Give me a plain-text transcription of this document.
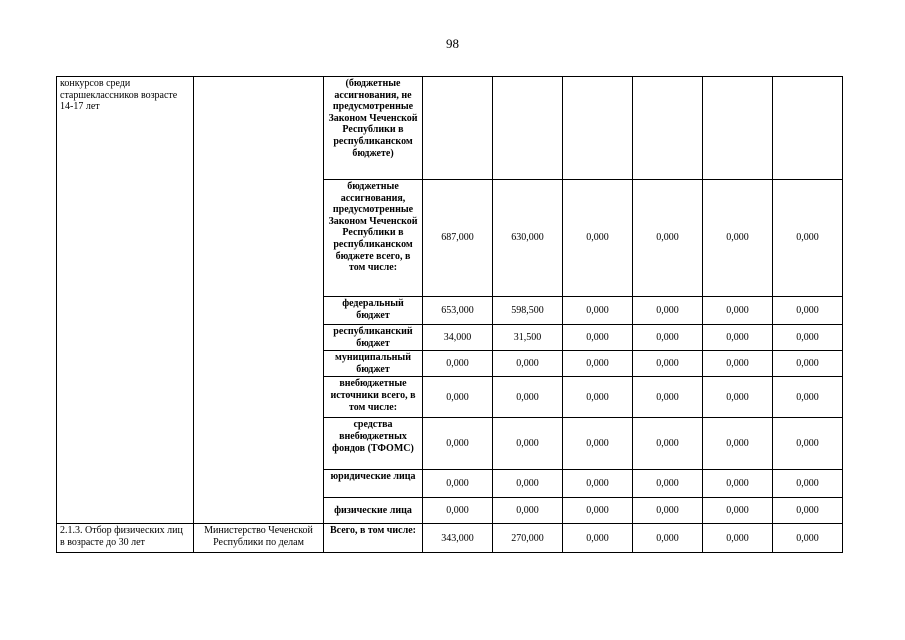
98
конкурсов среди старшеклассников возрасте 14-17 лет		(бюджетные ассигнования, не предусмотренные Законом Чеченской Республики в республиканском бюджете)						
		бюджетные ассигнования, предусмотренные Законом Чеченской Республики в республиканском бюджете всего, в том числе:	687,000	630,000	0,000	0,000	0,000	0,000
		федеральный бюджет	653,000	598,500	0,000	0,000	0,000	0,000
		республиканский бюджет	34,000	31,500	0,000	0,000	0,000	0,000
		муниципальный бюджет	0,000	0,000	0,000	0,000	0,000	0,000
		внебюджетные источники всего, в том числе:	0,000	0,000	0,000	0,000	0,000	0,000
		средства внебюджетных фондов (ТФОМС)	0,000	0,000	0,000	0,000	0,000	0,000
		юридические лица	0,000	0,000	0,000	0,000	0,000	0,000
		физические лица	0,000	0,000	0,000	0,000	0,000	0,000
2.1.3. Отбор физических лиц в возрасте до 30 лет	Министерство Чеченской Республики по делам	Всего, в том числе:	343,000	270,000	0,000	0,000	0,000	0,000
